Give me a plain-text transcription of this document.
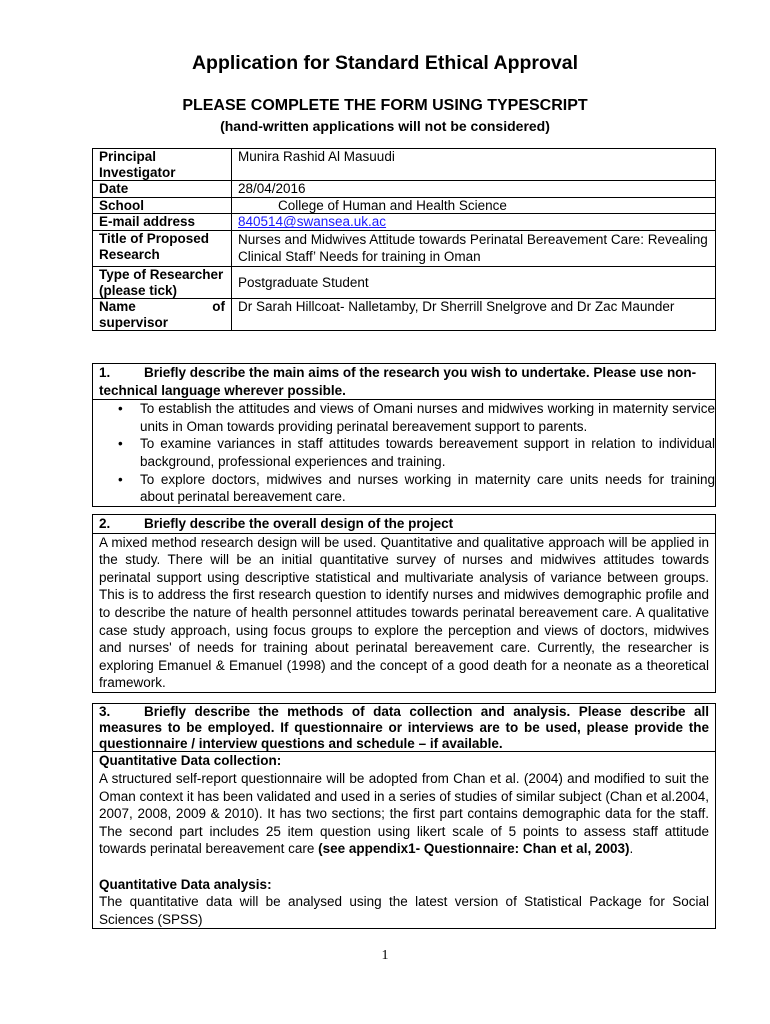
Application for Standard Ethical Approval
PLEASE COMPLETE THE FORM USING TYPESCRIPT
(hand-written applications will not be considered)
Principal Investigator	Munira Rashid Al Masuudi
Date	28/04/2016
School	College of Human and Health Science
E-mail address	840514@swansea.uk.ac
Title of Proposed Research	Nurses and Midwives Attitude towards Perinatal Bereavement Care: Revealing Clinical Staff’ Needs for training in Oman
Type of Researcher (please tick)	Postgraduate Student

Name of
supervisor	Dr Sarah Hillcoat- Nalletamby, Dr Sherrill Snelgrove and Dr Zac Maunder
1. Briefly describe the main aims of the research you wish to undertake. Please use non-technical language wherever possible.
• To establish the attitudes and views of Omani nurses and midwives working in maternity service units in Oman towards providing perinatal bereavement support to parents.
• To examine variances in staff attitudes towards bereavement support in relation to individual background, professional experiences and training.
• To explore doctors, midwives and nurses working in maternity care units needs for training about perinatal bereavement care.
2. Briefly describe the overall design of the project
A mixed method research design will be used. Quantitative and qualitative approach will be applied in the study. There will be an initial quantitative survey of nurses and midwives attitudes towards perinatal support using descriptive statistical and multivariate analysis of variance between groups. This is to address the first research question to identify nurses and midwives demographic profile and to describe the nature of health personnel attitudes towards perinatal bereavement care. A qualitative case study approach, using focus groups to explore the perception and views of doctors, midwives and nurses' of needs for training about perinatal bereavement care. Currently, the researcher is exploring Emanuel & Emanuel (1998) and the concept of a good death for a neonate as a theoretical framework.
3. Briefly describe the methods of data collection and analysis. Please describe all measures to be employed. If questionnaire or interviews are to be used, please provide the questionnaire / interview questions and schedule – if available.
Quantitative Data collection:
A structured self-report questionnaire will be adopted from Chan et al. (2004) and modified to suit the Oman context it has been validated and used in a series of studies of similar subject (Chan et al.2004, 2007, 2008, 2009 & 2010). It has two sections; the first part contains demographic data for the staff. The second part includes 25 item question using likert scale of 5 points to assess staff attitude towards perinatal bereavement care (see appendix1- Questionnaire: Chan et al, 2003).
Quantitative Data analysis:
The quantitative data will be analysed using the latest version of Statistical Package for Social Sciences (SPSS)
1
